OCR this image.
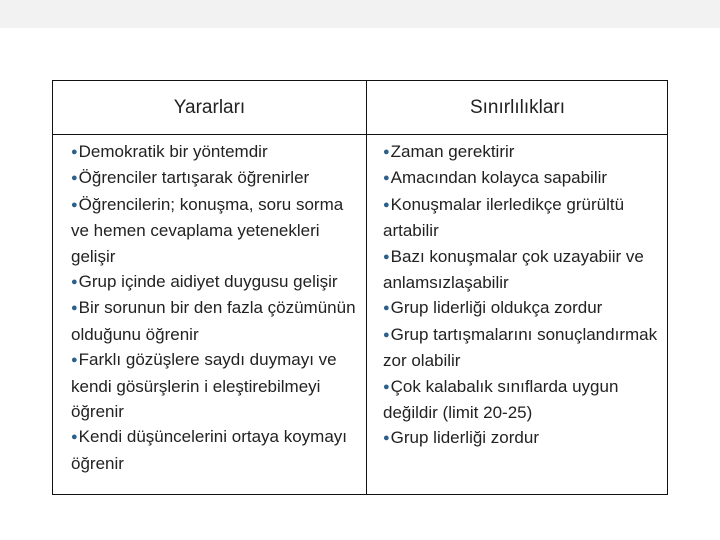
Yararları	Sınırlılıkları

●Demokratik bir yöntemdir

●Öğrenciler tartışarak öğrenirler

●Öğrencilerin; konuşma, soru sorma ve hemen cevaplama yetenekleri gelişir

●Grup içinde aidiyet duygusu gelişir

●Bir sorunun bir den fazla çözümünün olduğunu öğrenir

●Farklı gözüşlere saydı duymayı ve kendi gösürşlerin i eleştirebilmeyi öğrenir

●Kendi düşüncelerini ortaya koymayı öğrenir

●Zaman gerektirir

●Amacından kolayca sapabilir

●Konuşmalar ilerledikçe grürültü artabilir

●Bazı konuşmalar çok uzayabiir ve anlamsızlaşabilir

●Grup liderliği oldukça zordur

●Grup tartışmalarını sonuçlandırmak zor olabilir

●Çok kalabalık sınıflarda uygun değildir (limit 20-25)

●Grup liderliği zordur
